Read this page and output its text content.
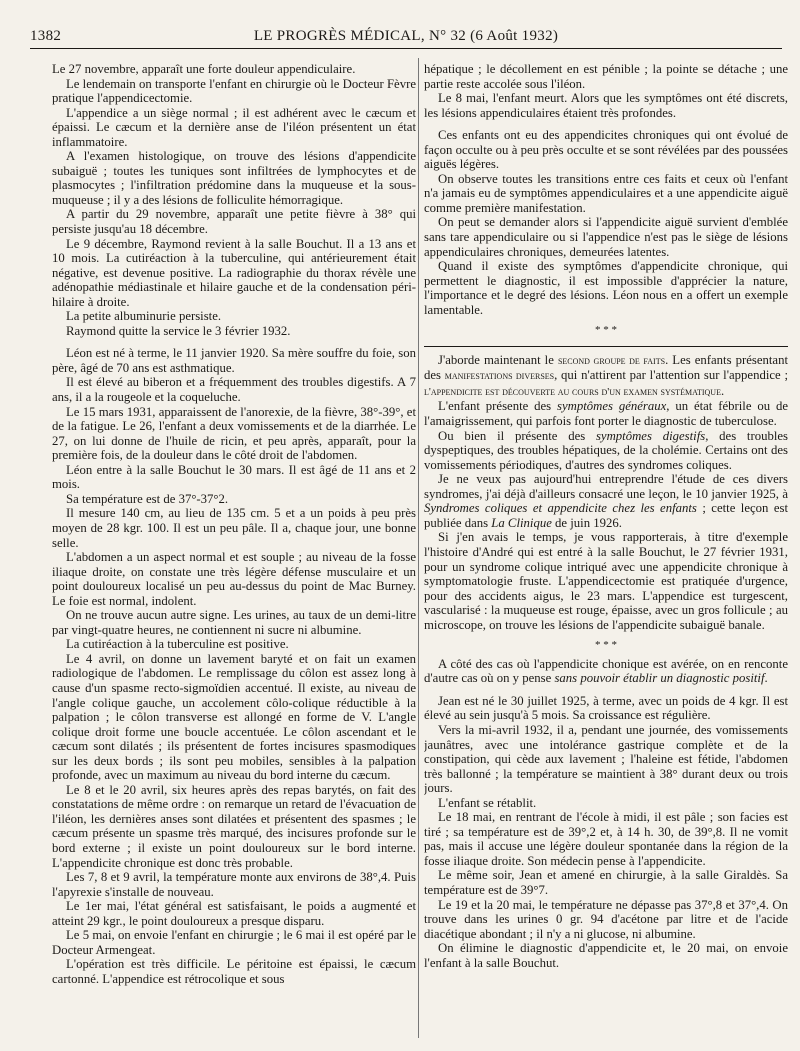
1382	LE PROGRÈS MÉDICAL, N° 32 (6 Août 1932)

Le 27 novembre, apparaît une forte douleur appendiculaire.

Le lendemain on transporte l'enfant en chirurgie où le Docteur Fèvre pratique l'appendicectomie.

L'appendice a un siège normal ; il est adhérent avec le cæcum et épaissi. Le cæcum et la dernière anse de l'iléon présentent un état inflammatoire.

A l'examen histologique, on trouve des lésions d'appendicite subaiguë ; toutes les tuniques sont infiltrées de lymphocytes et de plasmocytes ; l'infiltration prédomine dans la muqueuse et la sous-muqueuse ; il y a des lésions de folliculite hémorragique.

A partir du 29 novembre, apparaît une petite fièvre à 38° qui persiste jusqu'au 18 décembre.

Le 9 décembre, Raymond revient à la salle Bouchut. Il a 13 ans et 10 mois. La cutiréaction à la tuberculine, qui antérieurement était négative, est devenue positive. La radiographie du thorax révèle une adénopathie médiastinale et hilaire gauche et de la condensation péri-hilaire à droite.

La petite albuminurie persiste.

Raymond quitte la service le 3 février 1932.

Léon est né à terme, le 11 janvier 1920. Sa mère souffre du foie, son père, âgé de 70 ans est asthmatique.

Il est élevé au biberon et a fréquemment des troubles digestifs. A 7 ans, il a la rougeole et la coqueluche.

Le 15 mars 1931, apparaissent de l'anorexie, de la fièvre, 38°-39°, et de la fatigue. Le 26, l'enfant a deux vomissements et de la diarrhée. Le 27, on lui donne de l'huile de ricin, et peu après, apparaît, pour la première fois, de la douleur dans le côté droit de l'abdomen.

Léon entre à la salle Bouchut le 30 mars. Il est âgé de 11 ans et 2 mois.

Sa température est de 37°-37°2.

Il mesure 140 cm, au lieu de 135 cm. 5 et a un poids à peu près moyen de 28 kgr. 100. Il est un peu pâle. Il a, chaque jour, une bonne selle.

L'abdomen a un aspect normal et est souple ; au niveau de la fosse iliaque droite, on constate une très légère défense musculaire et un point douloureux localisé un peu au-dessus du point de Mac Burney. Le foie est normal, indolent.

On ne trouve aucun autre signe. Les urines, au taux de un demi-litre par vingt-quatre heures, ne contiennent ni sucre ni albumine.

La cutiréaction à la tuberculine est positive.

Le 4 avril, on donne un lavement baryté et on fait un examen radiologique de l'abdomen. Le remplissage du côlon est assez long à cause d'un spasme recto-sigmoïdien accentué. Il existe, au niveau de l'angle colique gauche, un accolement côlo-colique réductible à la palpation ; le côlon transverse est allongé en forme de V. L'angle colique droit forme une boucle accentuée. Le côlon ascendant et le cæcum sont dilatés ; ils présentent de fortes incisures spasmodiques sur les deux bords ; ils sont peu mobiles, sensibles à la palpation profonde, avec un maximum au niveau du bord interne du cæcum.

Le 8 et le 20 avril, six heures après des repas barytés, on fait des constatations de même ordre : on remarque un retard de l'évacuation de l'iléon, les dernières anses sont dilatées et présentent des spasmes ; le cæcum présente un spasme très marqué, des incisures profonde sur le bord externe ; il existe un point douloureux sur le bord interne. L'appendicite chronique est donc très probable.

Les 7, 8 et 9 avril, la température monte aux environs de 38°,4. Puis l'apyrexie s'installe de nouveau.

Le 1er mai, l'état général est satisfaisant, le poids a augmenté et atteint 29 kgr., le point douloureux a presque disparu.

Le 5 mai, on envoie l'enfant en chirurgie ; le 6 mai il est opéré par le Docteur Armengeat.

L'opération est très difficile. Le péritoine est épaissi, le cæcum cartonné. L'appendice est rétrocolique et sous

hépatique ; le décollement en est pénible ; la pointe se détache ; une partie reste accolée sous l'iléon.

Le 8 mai, l'enfant meurt. Alors que les symptômes ont été discrets, les lésions appendiculaires étaient très profondes.

Ces enfants ont eu des appendicites chroniques qui ont évolué de façon occulte ou à peu près occulte et se sont révélées par des poussées aiguës légères.

On observe toutes les transitions entre ces faits et ceux où l'enfant n'a jamais eu de symptômes appendiculaires et a une appendicite aiguë comme première manifestation.

On peut se demander alors si l'appendicite aiguë survient d'emblée sans tare appendiculaire ou si l'appendice n'est pas le siège de lésions appendiculaires chroniques, demeurées latentes.

Quand il existe des symptômes d'appendicite chronique, qui permettent le diagnostic, il est impossible d'apprécier la nature, l'importance et le degré des lésions. Léon nous en a offert un exemple lamentable.

* * *

J'aborde maintenant le second groupe de faits. Les enfants présentant des manifestations diverses, qui n'attirent par l'attention sur l'appendice ; l'appendicite est découverte au cours d'un examen systématique.

L'enfant présente des symptômes généraux, un état fébrile ou de l'amaigrissement, qui parfois font porter le diagnostic de tuberculose.

Ou bien il présente des symptômes digestifs, des troubles dyspeptiques, des troubles hépatiques, de la cholémie. Certains ont des vomissements périodiques, d'autres des syndromes coliques.

Je ne veux pas aujourd'hui entreprendre l'étude de ces divers syndromes, j'ai déjà d'ailleurs consacré une leçon, le 10 janvier 1925, à Syndromes coliques et appendicite chez les enfants ; cette leçon est publiée dans La Clinique de juin 1926.

Si j'en avais le temps, je vous rapporterais, à titre d'exemple l'histoire d'André qui est entré à la salle Bouchut, le 27 février 1931, pour un syndrome colique intriqué avec une appendicite chronique à symptomatologie fruste. L'appendicectomie est pratiquée d'urgence, pour des accidents aigus, le 23 mars. L'appendice est turgescent, vascularisé : la muqueuse est rouge, épaisse, avec un gros follicule ; au microscope, on trouve les lésions de l'appendicite subaiguë banale.

* * *

A côté des cas où l'appendicite chonique est avérée, on en renconte d'autre cas où on y pense sans pouvoir établir un diagnostic positif.

Jean est né le 30 juillet 1925, à terme, avec un poids de 4 kgr. Il est élevé au sein jusqu'à 5 mois. Sa croissance est régulière.

Vers la mi-avril 1932, il a, pendant une journée, des vomissements jaunâtres, avec une intolérance gastrique complète et de la constipation, qui cède aux lavement ; l'haleine est fétide, l'abdomen très ballonné ; la température se maintient à 38° durant deux ou trois jours.

L'enfant se rétablit.

Le 18 mai, en rentrant de l'école à midi, il est pâle ; son facies est tiré ; sa température est de 39°,2 et, à 14 h. 30, de 39°,8. Il ne vomit pas, mais il accuse une légère douleur spontanée dans la région de la fosse iliaque droite. Son médecin pense à l'appendicite.

Le même soir, Jean et amené en chirurgie, à la salle Giraldès. Sa température est de 39°7.

Le 19 et la 20 mai, le température ne dépasse pas 37°,8 et 37°,4. On trouve dans les urines 0 gr. 94 d'acétone par litre et de l'acide diacétique abondant ; il n'y a ni glucose, ni albumine.

On élimine le diagnostic d'appendicite et, le 20 mai, on envoie l'enfant à la salle Bouchut.
